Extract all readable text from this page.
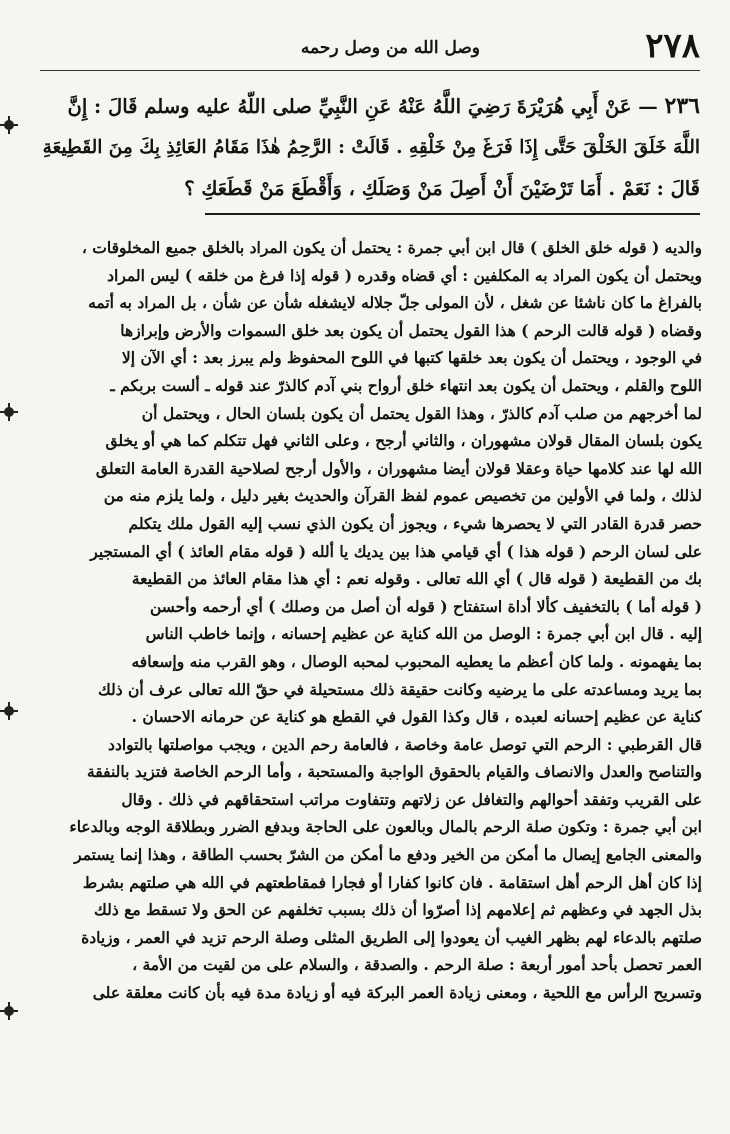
٢٧٨
وصل الله من وصل رحمه
٢٣٦ — عَنْ أَبِي هُرَيْرَةَ رَضِيَ اللَّهُ عَنْهُ عَنِ النَّبِيِّ صلى اللّهُ عليه وسلم قَالَ : إِنَّ
اللَّهَ خَلَقَ الخَلْقَ حَتَّى إِذَا فَرَغَ مِنْ خَلْقِهِ . قَالَتْ : الرَّحِمُ هٰذَا مَقَامُ العَائِذِ بِكَ مِنَ القَطِيعَةِ
قَالَ : نَعَمْ . أَمَا تَرْضَيْنَ أَنْ أَصِلَ مَنْ وَصَلَكِ ، وَأَقْطَعَ مَنْ قَطَعَكِ ؟
والديه ( قوله خلق الخلق ) قال ابن أبي جمرة : يحتمل أن يكون المراد بالخلق جميع المخلوقات ،
ويحتمل أن يكون المراد به المكلفين : أي قضاه وقدره ( قوله إذا فرغ من خلقه ) ليس المراد
بالفراغ ما كان ناشئا عن شغل ، لأن المولى جلّ جلاله لايشغله شأن عن شأن ، بل المراد به أتمه
وقضاه ( قوله قالت الرحم ) هذا القول يحتمل أن يكون بعد خلق السموات والأرض وإبرازها
في الوجود ، ويحتمل أن يكون بعد خلقها كتبها في اللوح المحفوظ ولم يبرز بعد : أي الآن إلا
اللوح والقلم ، ويحتمل أن يكون بعد انتهاء خلق أرواح بني آدم كالذرّ عند قوله ـ ألست بربكم ـ
لما أخرجهم من صلب آدم كالذرّ ، وهذا القول يحتمل أن يكون بلسان الحال ، ويحتمل أن
يكون بلسان المقال قولان مشهوران ، والثاني أرجح ، وعلى الثاني فهل تتكلم كما هي أو يخلق
الله لها عند كلامها حياة وعقلا قولان أيضا مشهوران ، والأول أرجح لصلاحية القدرة العامة التعلق
لذلك ، ولما في الأولين من تخصيص عموم لفظ القرآن والحديث بغير دليل ، ولما يلزم منه من
حصر قدرة القادر التي لا يحصرها شيء ، ويجوز أن يكون الذي نسب إليه القول ملك يتكلم
على لسان الرحم ( قوله هذا ) أي قيامي هذا بين يديك يا ألله ( قوله مقام العائذ ) أي المستجير
بك من القطيعة ( قوله قال ) أي الله تعالى . وقوله نعم : أي هذا مقام العائذ من القطيعة
( قوله أما ) بالتخفيف كألا أداة استفتاح ( قوله أن أصل من وصلك ) أي أرحمه وأحسن
إليه . قال ابن أبي جمرة : الوصل من الله كناية عن عظيم إحسانه ، وإنما خاطب الناس
بما يفهمونه . ولما كان أعظم ما يعطيه المحبوب لمحبه الوصال ، وهو القرب منه وإسعافه
بما يريد ومساعدته على ما يرضيه وكانت حقيقة ذلك مستحيلة في حقّ الله تعالى عرف أن ذلك
كناية عن عظيم إحسانه لعبده ، قال وكذا القول في القطع هو كناية عن حرمانه الاحسان .
قال القرطبي : الرحم التي توصل عامة وخاصة ، فالعامة رحم الدين ، ويجب مواصلتها بالتوادد
والتناصح والعدل والانصاف والقيام بالحقوق الواجبة والمستحبة ، وأما الرحم الخاصة فتزيد بالنفقة
على القريب وتفقد أحوالهم والتغافل عن زلاتهم وتتفاوت مراتب استحقاقهم في ذلك . وقال
ابن أبي جمرة : وتكون صلة الرحم بالمال وبالعون على الحاجة وبدفع الضرر وبطلاقة الوجه وبالدعاء
والمعنى الجامع إيصال ما أمكن من الخير ودفع ما أمكن من الشرّ بحسب الطاقة ، وهذا إنما يستمر
إذا كان أهل الرحم أهل استقامة . فان كانوا كفارا أو فجارا فمقاطعتهم في الله هي صلتهم بشرط
بذل الجهد في وعظهم ثم إعلامهم إذا أصرّوا أن ذلك بسبب تخلفهم عن الحق ولا تسقط مع ذلك
صلتهم بالدعاء لهم بظهر الغيب أن يعودوا إلى الطريق المثلى وصلة الرحم تزيد في العمر ، وزيادة
العمر تحصل بأحد أمور أربعة : صلة الرحم . والصدقة ، والسلام على من لقيت من الأمة ،
وتسريح الرأس مع اللحية ، ومعنى زيادة العمر البركة فيه أو زيادة مدة فيه بأن كانت معلقة على
